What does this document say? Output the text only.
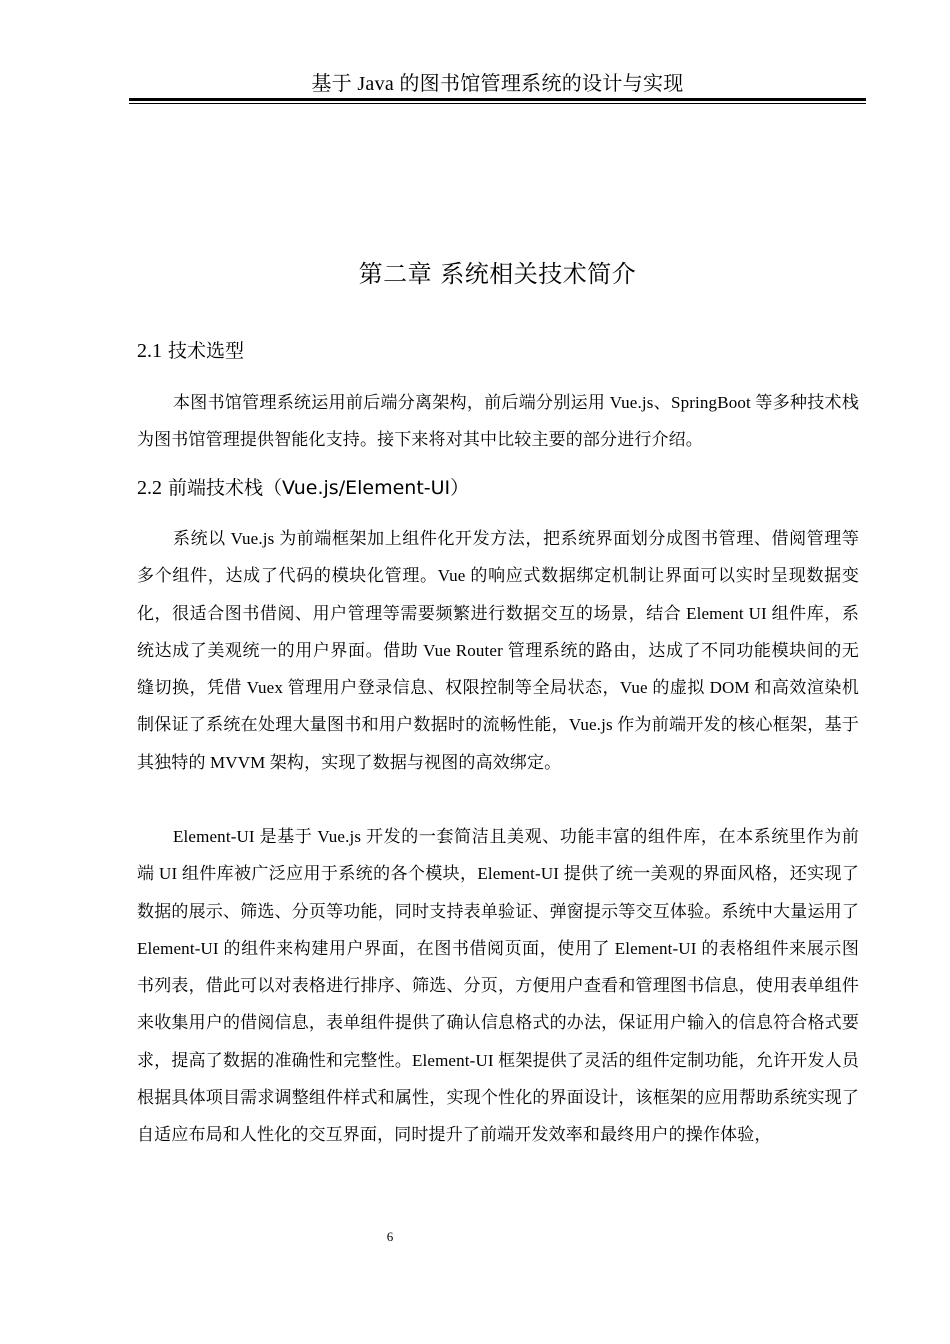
基于 Java 的图书馆管理系统的设计与实现
第二章 系统相关技术简介
2.1 技术选型

本图书馆管理系统运用前后端分离架构，前后端分别运用 Vue.js、SpringBoot 等多种技术栈为图书馆管理提供智能化支持。接下来将对其中比较主要的部分进行介绍。

2.2 前端技术栈（Vue.js/Element-UI）

系统以 Vue.js 为前端框架加上组件化开发方法，把系统界面划分成图书管理、借阅管理等多个组件，达成了代码的模块化管理。Vue 的响应式数据绑定机制让界面可以实时呈现数据变化，很适合图书借阅、用户管理等需要频繁进行数据交互的场景，结合 Element UI 组件库，系统达成了美观统一的用户界面。借助 Vue Router 管理系统的路由，达成了不同功能模块间的无缝切换，凭借 Vuex 管理用户登录信息、权限控制等全局状态，Vue 的虚拟 DOM 和高效渲染机制保证了系统在处理大量图书和用户数据时的流畅性能，Vue.js 作为前端开发的核心框架，基于其独特的 MVVM 架构，实现了数据与视图的高效绑定。

Element-UI 是基于 Vue.js 开发的一套简洁且美观、功能丰富的组件库，在本系统里作为前端 UI 组件库被广泛应用于系统的各个模块，Element-UI 提供了统一美观的界面风格，还实现了数据的展示、筛选、分页等功能，同时支持表单验证、弹窗提示等交互体验。系统中大量运用了 Element-UI 的组件来构建用户界面，在图书借阅页面，使用了 Element-UI 的表格组件来展示图书列表，借此可以对表格进行排序、筛选、分页，方便用户查看和管理图书信息，使用表单组件来收集用户的借阅信息，表单组件提供了确认信息格式的办法，保证用户输入的信息符合格式要求，提高了数据的准确性和完整性。Element-UI 框架提供了灵活的组件定制功能，允许开发人员根据具体项目需求调整组件样式和属性，实现个性化的界面设计，该框架的应用帮助系统实现了自适应布局和人性化的交互界面，同时提升了前端开发效率和最终用户的操作体验，

6
